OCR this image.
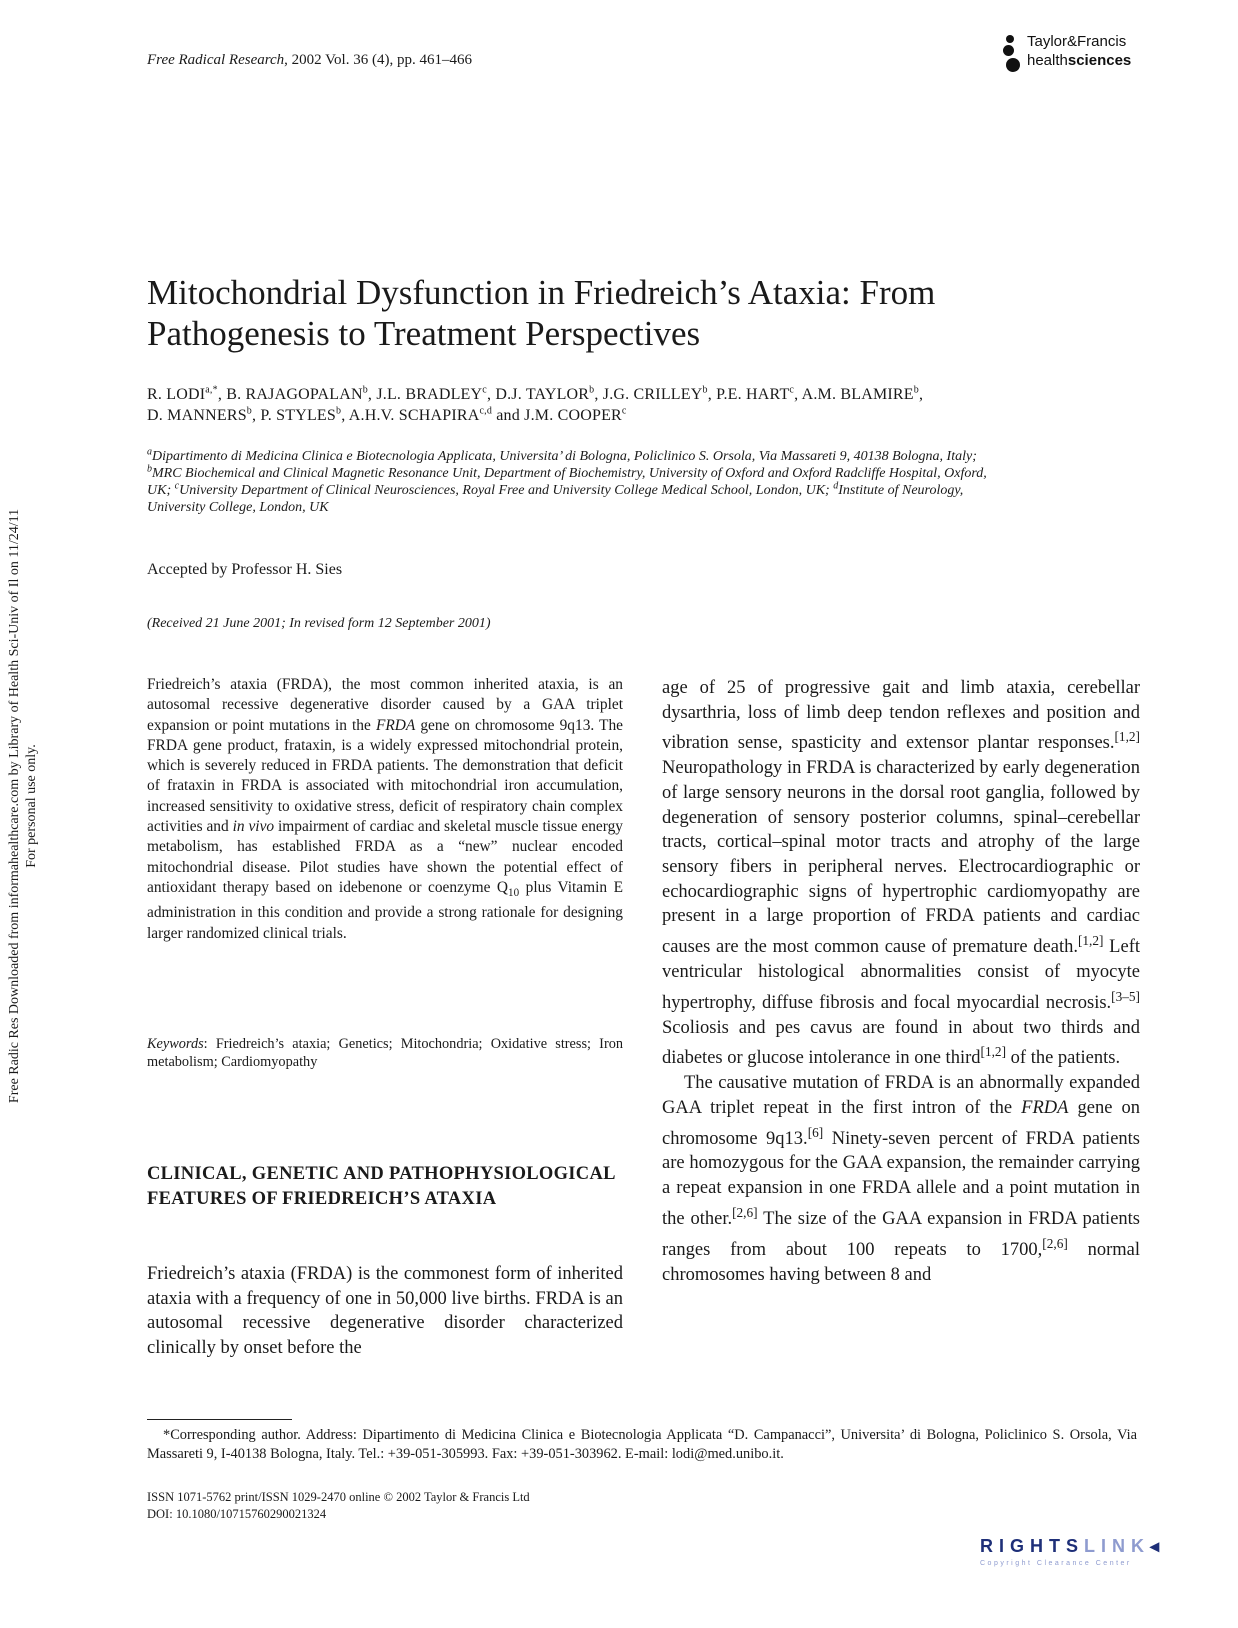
Free Radical Research, 2002 Vol. 36 (4), pp. 461–466
Taylor&Francis
healthsciences
Free Radic Res Downloaded from informahealthcare.com by Library of Health Sci-Univ of Il on 11/24/11 For personal use only.
Mitochondrial Dysfunction in Friedreich’s Ataxia: From Pathogenesis to Treatment Perspectives
R. $LODI^{a,*}$, B. RAJAGOPALAN$^b$, J.L. BRADLEY$^c$, D.J. TAYLOR$^b$, J.G. CRILLEY$^b$, P.E. HART$^c$, A.M. BLAMIRE$^b$,
D. MANNERS$^b$, P. STYLES$^b$, A.H.V. SCHAPIRA$^{c,d}$ and J.M. COOPER$^c$
$^a$Dipartimento di Medicina Clinica e Biotecnologia Applicata, Universita’ di Bologna, Policlinico S. Orsola, Via Massareti 9, 40138 Bologna, Italy;
$^b$MRC Biochemical and Clinical Magnetic Resonance Unit, Department of Biochemistry, University of Oxford and Oxford Radcliffe Hospital, Oxford,
UK; $^c$University Department of Clinical Neurosciences, Royal Free and University College Medical School, London, UK; $^d$Institute of Neurology,
University College, London, UK
Accepted by Professor H. Sies
(Received 21 June 2001; In revised form 12 September 2001)
Friedreich’s ataxia (FRDA), the most common inherited ataxia, is an autosomal recessive degenerative disorder caused by a GAA triplet expansion or point mutations in the FRDA gene on chromosome 9q13. The FRDA gene product, frataxin, is a widely expressed mitochondrial protein, which is severely reduced in FRDA patients. The demonstration that deficit of frataxin in FRDA is associated with mitochondrial iron accumulation, increased sensitivity to oxidative stress, deficit of respiratory chain complex activities and in vivo impairment of cardiac and skeletal muscle tissue energy metabolism, has established FRDA as a “new” nuclear encoded mitochondrial disease. Pilot studies have shown the potential effect of antioxidant therapy based on idebenone or coenzyme $Q_{10}$ plus Vitamin E administration in this condition and provide a strong rationale for designing larger randomized clinical trials.
Keywords: Friedreich’s ataxia; Genetics; Mitochondria; Oxidative stress; Iron metabolism; Cardiomyopathy
CLINICAL, GENETIC AND PATHOPHYSIOLOGICAL FEATURES OF FRIEDREICH’S ATAXIA
Friedreich’s ataxia (FRDA) is the commonest form of inherited ataxia with a frequency of one in 50,000 live births. FRDA is an autosomal recessive degenerative disorder characterized clinically by onset before the

age of 25 of progressive gait and limb ataxia, cerebellar dysarthria, loss of limb deep tendon reflexes and position and vibration sense, spasticity and extensor plantar responses.[1,2] Neuropathology in FRDA is characterized by early degeneration of large sensory neurons in the dorsal root ganglia, followed by degeneration of sensory posterior columns, spinal–cerebellar tracts, cortical–spinal motor tracts and atrophy of the large sensory fibers in peripheral nerves. Electrocardiographic or echocardiographic signs of hypertrophic cardiomyopathy are present in a large proportion of FRDA patients and cardiac causes are the most common cause of premature death.[1,2] Left ventricular histological abnormalities consist of myocyte hypertrophy, diffuse fibrosis and focal myocardial necrosis.[3–5] Scoliosis and pes cavus are found in about two thirds and diabetes or glucose intolerance in one third[1,2] of the patients.

The causative mutation of FRDA is an abnormally expanded GAA triplet repeat in the first intron of the FRDA gene on chromosome 9q13.[6] Ninety-seven percent of FRDA patients are homozygous for the GAA expansion, the remainder carrying a repeat expansion in one FRDA allele and a point mutation in the other.[2,6] The size of the GAA expansion in FRDA patients ranges from about 100 repeats to 1700,[2,6] normal chromosomes having between 8 and

*Corresponding author. Address: Dipartimento di Medicina Clinica e Biotecnologia Applicata “D. Campanacci”, Universita’ di Bologna, Policlinico S. Orsola, Via Massareti 9, I-40138 Bologna, Italy. Tel.: +39-051-305993. Fax: +39-051-303962. E-mail: lodi@med.unibo.it.
ISSN 1071-5762 print/ISSN 1029-2470 online © 2002 Taylor & Francis Ltd
DOI: 10.1080/10715760290021324
RIGHTSLINK◂
Copyright Clearance Center
